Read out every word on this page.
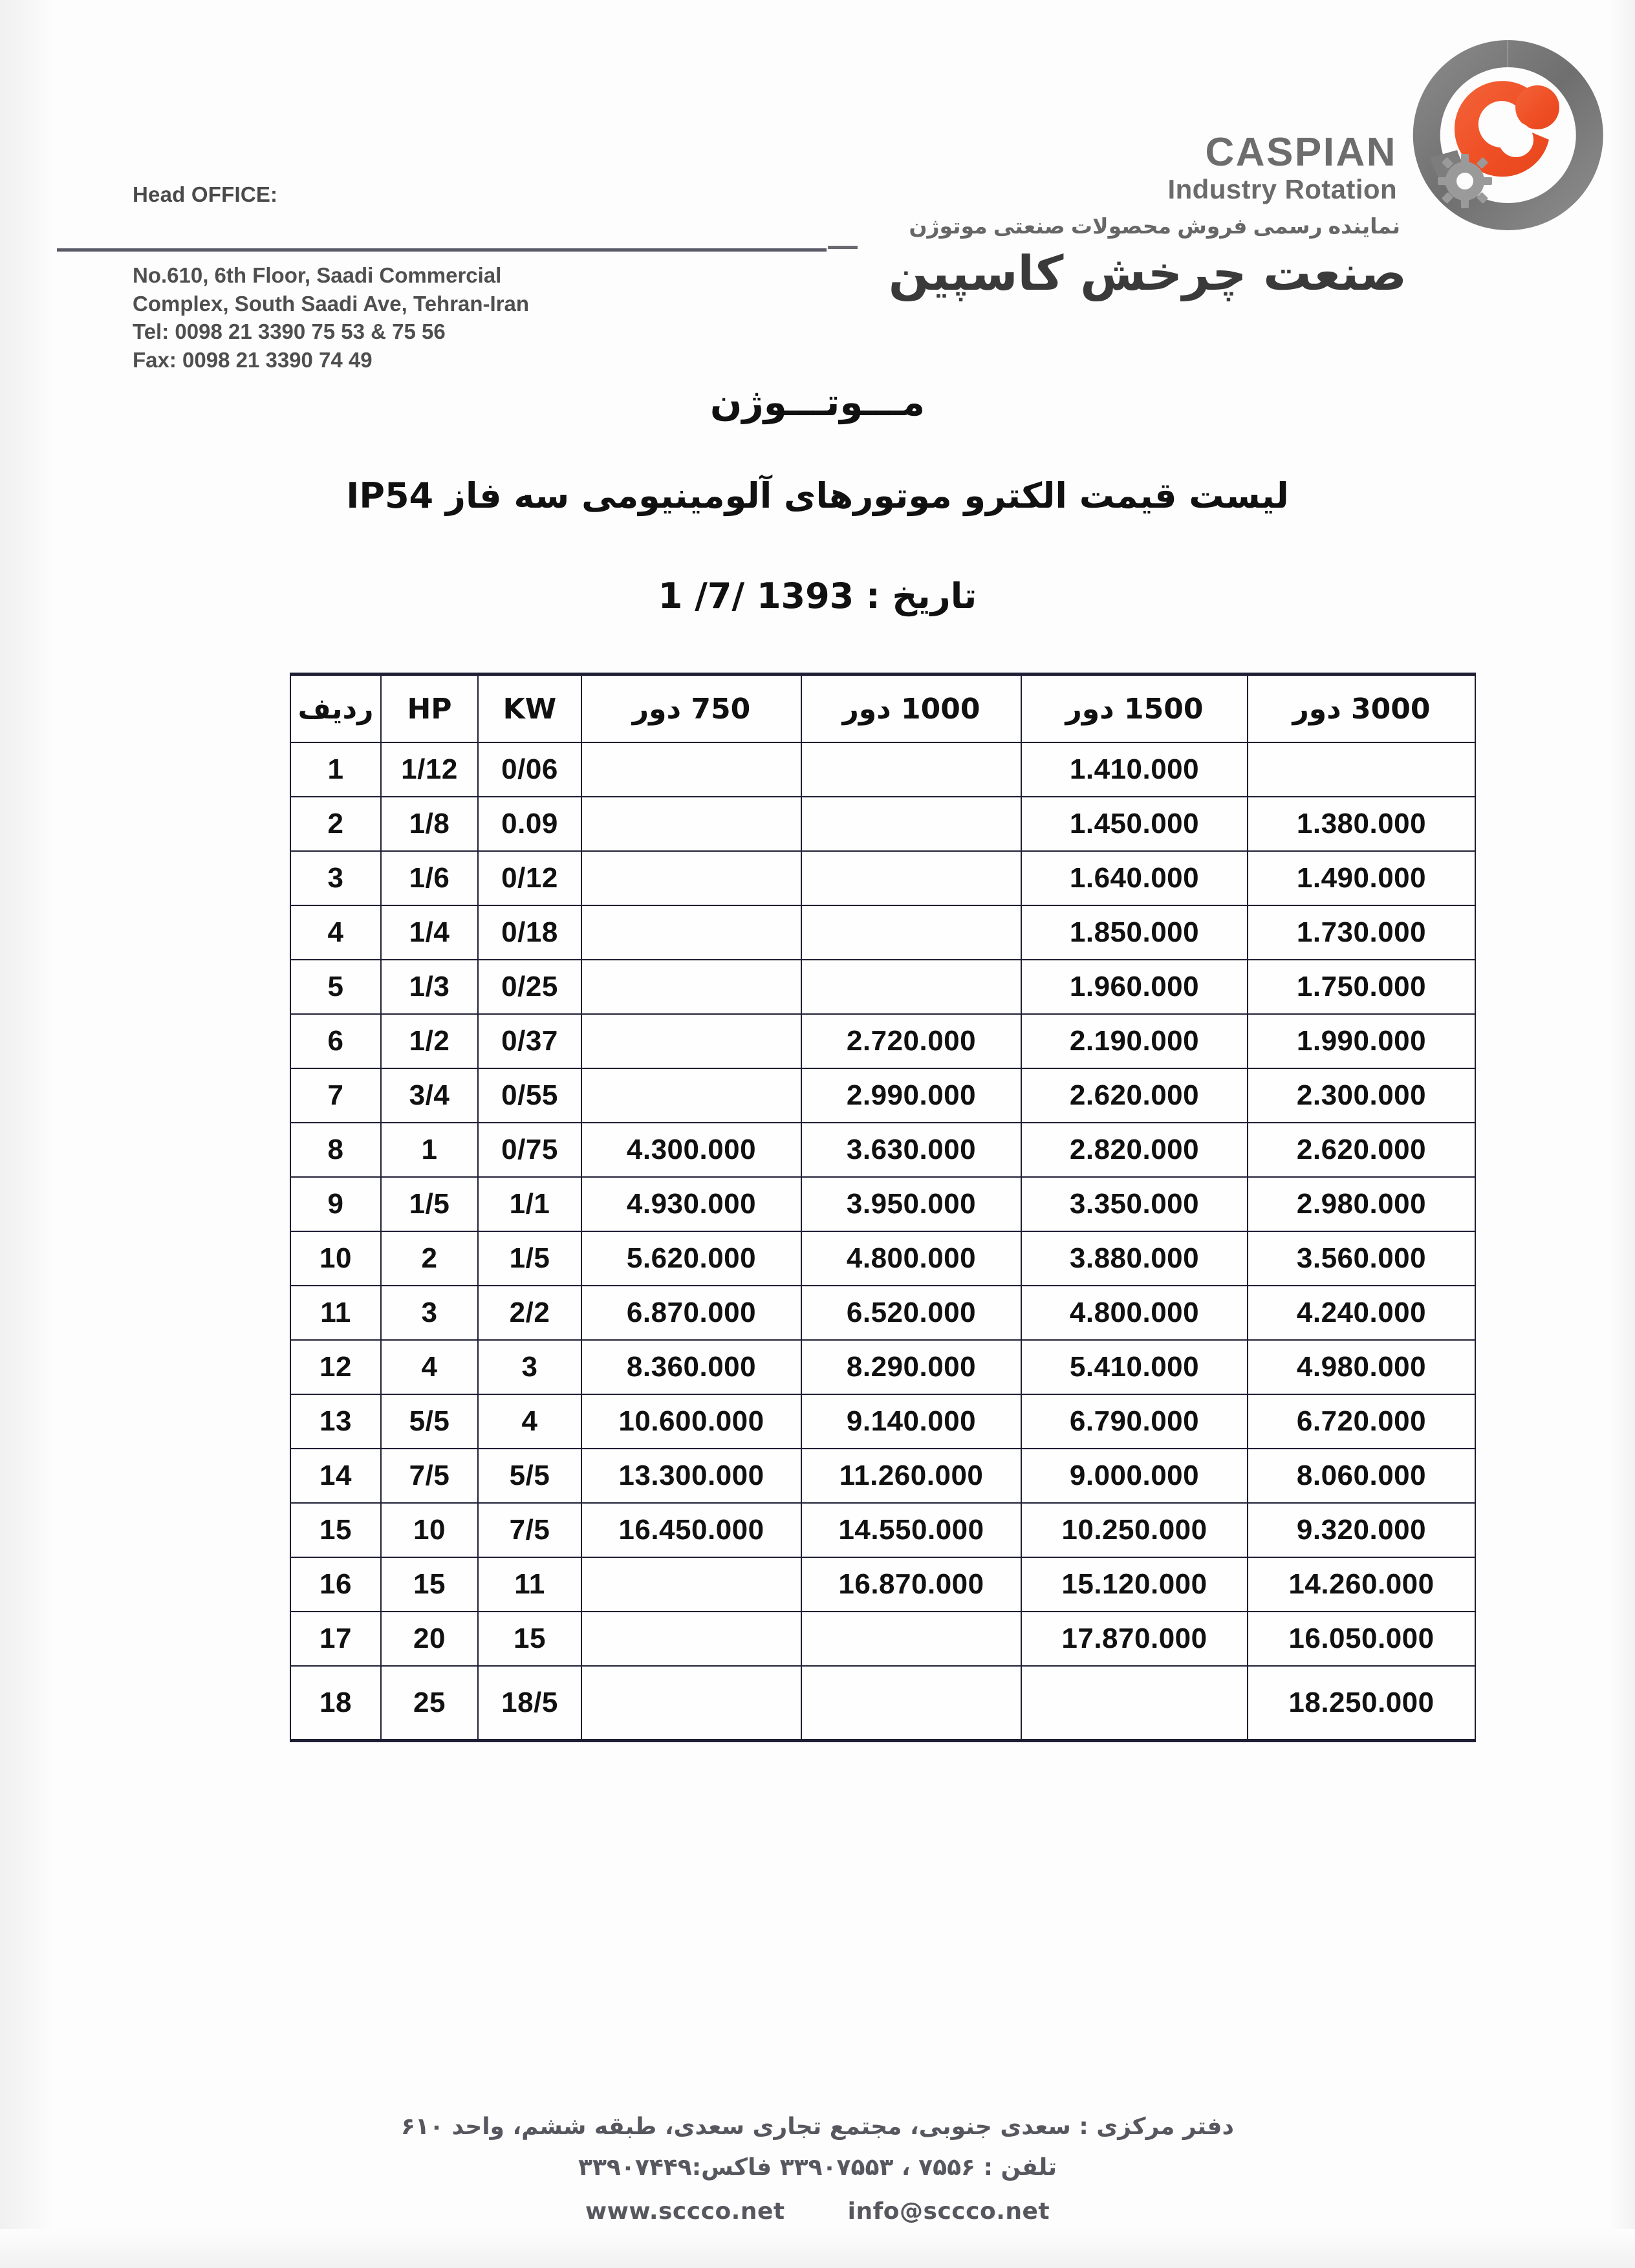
Head OFFICE:
No.610, 6th Floor, Saadi Commercial
Complex, South Saadi Ave, Tehran-Iran
Tel: 0098 21 3390 75 53 & 75 56
Fax: 0098 21 3390 74 49
CASPIAN
Industry Rotation
نماینده رسمی فروش محصولات صنعتی موتوژن
صنعت چرخش کاسپین
مـــوتـــوژن
لیست قیمت الکترو موتورهای آلومینیومی سه فاز IP54
تاریخ : 1393 /7/ 1
3000 دور	1500 دور	1000 دور	750 دور	KW	HP	ردیف
	1.410.000			0/06	1/12	1
1.380.000	1.450.000			0.09	1/8	2
1.490.000	1.640.000			0/12	1/6	3
1.730.000	1.850.000			0/18	1/4	4
1.750.000	1.960.000			0/25	1/3	5
1.990.000	2.190.000	2.720.000		0/37	1/2	6
2.300.000	2.620.000	2.990.000		0/55	3/4	7
2.620.000	2.820.000	3.630.000	4.300.000	0/75	1	8
2.980.000	3.350.000	3.950.000	4.930.000	1/1	1/5	9
3.560.000	3.880.000	4.800.000	5.620.000	1/5	2	10
4.240.000	4.800.000	6.520.000	6.870.000	2/2	3	11
4.980.000	5.410.000	8.290.000	8.360.000	3	4	12
6.720.000	6.790.000	9.140.000	10.600.000	4	5/5	13
8.060.000	9.000.000	11.260.000	13.300.000	5/5	7/5	14
9.320.000	10.250.000	14.550.000	16.450.000	7/5	10	15
14.260.000	15.120.000	16.870.000		11	15	16
16.050.000	17.870.000			15	20	17
18.250.000				18/5	25	18
دفتر مرکزی : سعدی جنوبی، مجتمع تجاری سعدی، طبقه ششم، واحد ۶۱۰
تلفن : ۷۵۵۶ ، ۳۳۹۰۷۵۵۳ فاکس:۳۳۹۰۷۴۴۹
www.sccco.net	info@sccco.net
